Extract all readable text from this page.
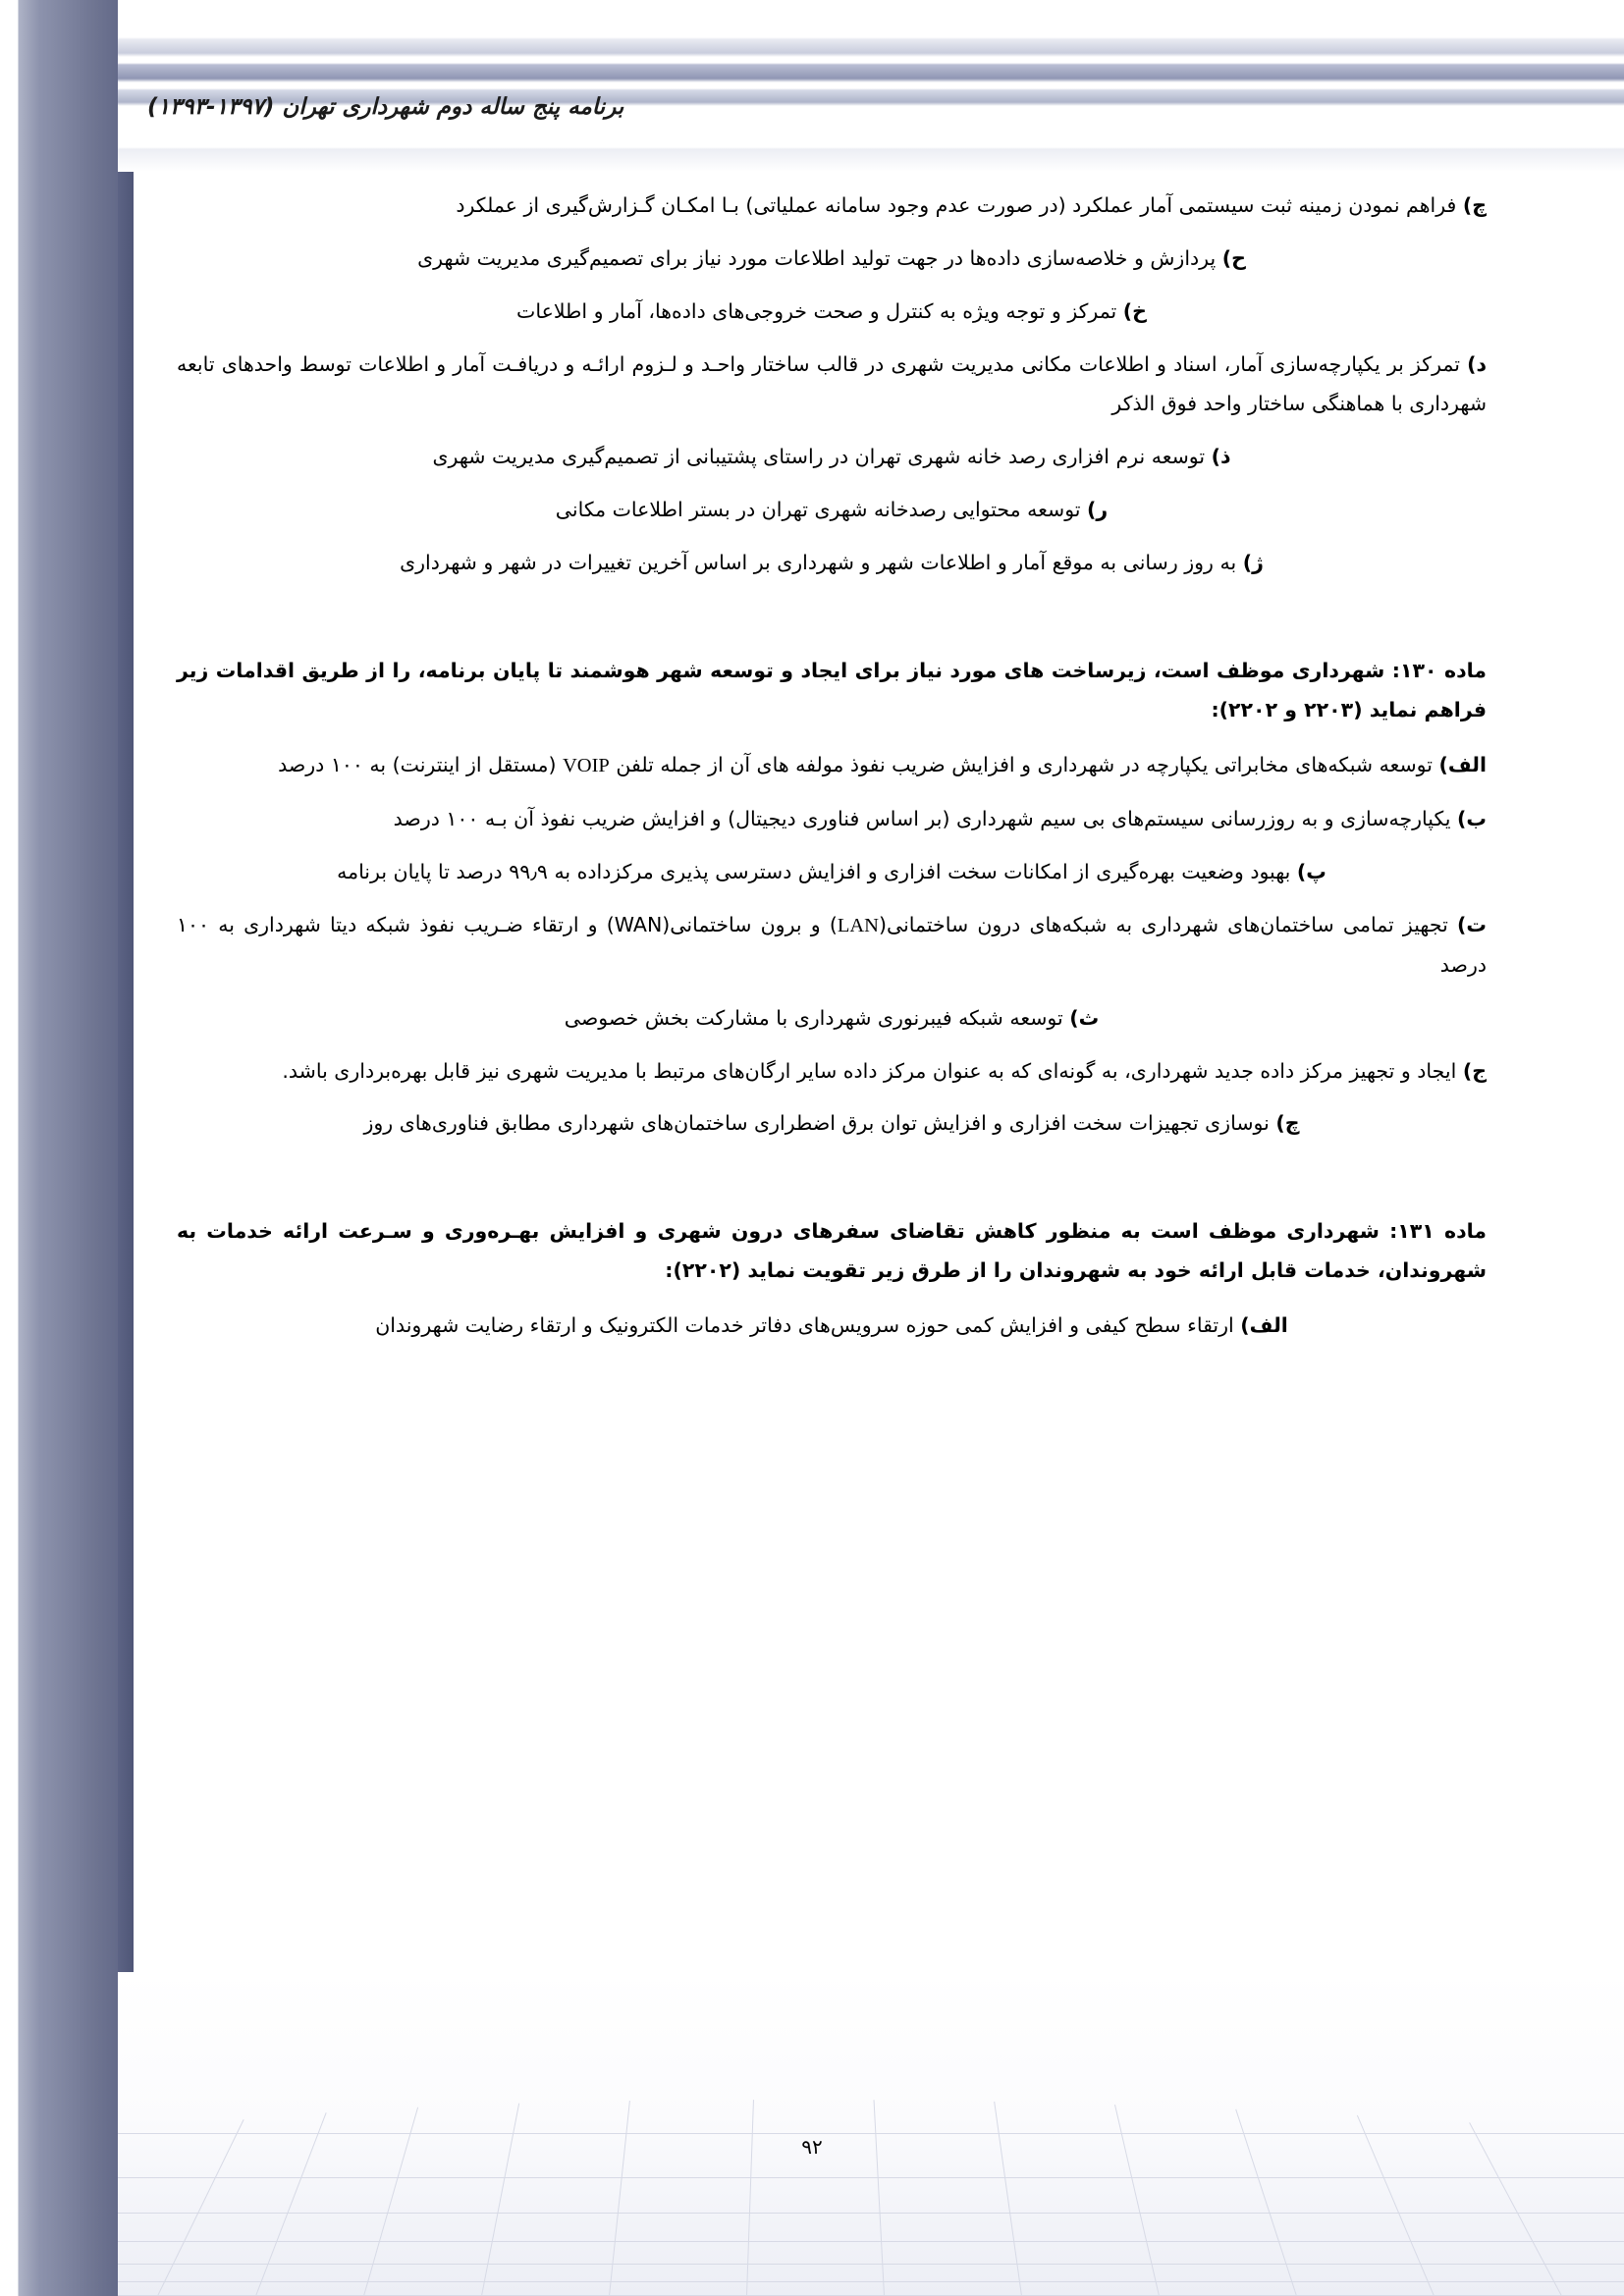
برنامه پنج ساله دوم شهرداری تهران (۱۳۹۷-۱۳۹۳)

چ) فراهم نمودن زمینه ثبت سیستمی آمار عملکرد (در صورت عدم وجود سامانه عملیاتی) بـا امکـان گـزارش‌گیری از عملکرد

ح) پردازش و خلاصه‌سازی داده‌ها در جهت تولید اطلاعات مورد نیاز برای تصمیم‌گیری مدیریت شهری

خ) تمرکز و توجه ویژه به کنترل و صحت خروجی‌های داده‌ها، آمار و اطلاعات

د) تمرکز بر یکپارچه‌سازی آمار، اسناد و اطلاعات مکانی مدیریت شهری در قالب ساختار واحـد و لـزوم ارائـه و دریافـت آمار و اطلاعات توسط واحدهای تابعه شهرداری با هماهنگی ساختار واحد فوق الذکر

ذ) توسعه نرم افزاری رصد خانه شهری تهران در راستای پشتیبانی از تصمیم‌گیری مدیریت شهری

ر) توسعه محتوایی رصدخانه شهری تهران در بستر اطلاعات مکانی

ژ) به روز رسانی به موقع آمار و اطلاعات شهر و شهرداری بر اساس آخرین تغییرات در شهر و شهرداری

ماده ۱۳۰: شهرداری موظف است، زیرساخت های مورد نیاز برای ایجاد و توسعه شهر هوشمند تا پایان برنامه، را از طریق اقدامات زیر فراهم نماید (۲۲۰۳ و ۲۲۰۲):

الف) توسعه شبکه‌های مخابراتی یکپارچه در شهرداری و افزایش ضریب نفوذ مولفه های آن از جمله تلفن VOIP (مستقل از اینترنت) به ۱۰۰ درصد

ب) یکپارچه‌سازی و به روزرسانی سیستم‌های بی سیم شهرداری (بر اساس فناوری دیجیتال) و افزایش ضریب نفوذ آن بـه ۱۰۰ درصد

پ) بهبود وضعیت بهره‌گیری از امکانات سخت افزاری و افزایش دسترسی پذیری مرکزداده به ۹۹٫۹ درصد تا پایان برنامه

ت) تجهیز تمامی ساختمان‌های شهرداری به شبکه‌های درون ساختمانی(LAN) و برون ساختمانی(WAN) و ارتقاء ضـریب نفوذ شبکه دیتا شهرداری به ۱۰۰ درصد

ث) توسعه شبکه فیبرنوری شهرداری با مشارکت بخش خصوصی

ج) ایجاد و تجهیز مرکز داده جدید شهرداری، به گونه‌ای که به عنوان مرکز داده سایر ارگان‌های مرتبط با مدیریت شهری نیز قابل بهره‌برداری باشد.

چ) نوسازی تجهیزات سخت افزاری و افزایش توان برق اضطراری ساختمان‌های شهرداری مطابق فناوری‌های روز

ماده ۱۳۱: شهرداری موظف است به منظور کاهش تقاضای سفرهای درون شهری و افزایش بهـره‌وری و سـرعت ارائه خدمات به شهروندان، خدمات قابل ارائه خود به شهروندان را از طرق زیر تقویت نماید (۲۲۰۲):

الف) ارتقاء سطح کیفی و افزایش کمی حوزه سرویس‌های دفاتر خدمات الکترونیک و ارتقاء رضایت شهروندان

۹۲
